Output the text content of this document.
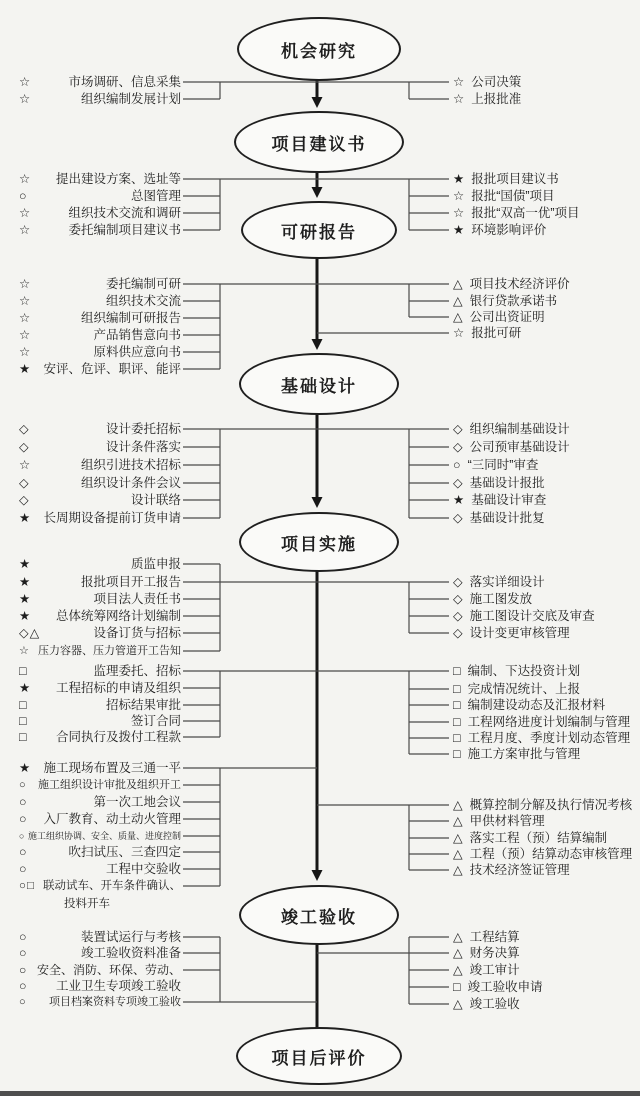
机会研究
项目建议书
可研报告
基础设计
项目实施
竣工验收
项目后评价
☆	市场调研、信息采集
☆	组织编制发展计划
☆ 公司决策
☆ 上报批准
☆ 提出建设方案、选址等
○	总图管理
☆	组织技术交流和调研
☆	委托编制项目建议书
★ 报批项目建议书
☆ 报批“国债”项目
☆ 报批“双高一优”项目
★ 环境影响评价
☆	委托编制可研
☆	组织技术交流
☆	组织编制可研报告
☆	产品销售意向书
☆	原料供应意向书
★ 安评、危评、职评、能评
△ 项目技术经济评价
△ 银行贷款承诺书
△ 公司出资证明
☆ 报批可研
◇	设计委托招标
◇	设计条件落实
☆	组织引进技术招标
◇	组织设计条件会议
◇	设计联络
★ 长周期设备提前订货申请
◇ 组织编制基础设计
◇ 公司预审基础设计
○ “三同时”审查
◇ 基础设计报批
★ 基础设计审查
◇ 基础设计批复
★	质监申报
★	报批项目开工报告
★	项目法人责任书
★ 总体统筹网络计划编制
◇△	设备订货与招标
☆ 压力容器、压力管道开工告知
◇ 落实详细设计
◇ 施工图发放
◇ 施工图设计交底及审查
◇ 设计变更审核管理
□	监理委托、招标
★ 工程招标的申请及组织
□	招标结果审批
□	签订合同
□ 合同执行及拨付工程款
□ 编制、下达投资计划
□ 完成情况统计、上报
□ 编制建设动态及汇报材料
□ 工程网络进度计划编制与管理
□ 工程月度、季度计划动态管理
□ 施工方案审批与管理
★ 施工现场布置及三通一平
○ 施工组织设计审批及组织开工
○	第一次工地会议
○ 入厂教育、动土动火管理
○ 施工组织协调、安全、质量、进度控制
○	吹扫试压、三查四定
○	工程中交验收
○□ 联动试车、开车条件确认、
投料开车
△ 概算控制分解及执行情况考核
△ 甲供材料管理
△ 落实工程（预）结算编制
△ 工程（预）结算动态审核管理
△ 技术经济签证管理
○	装置试运行与考核
○	竣工验收资料准备
○ 安全、消防、环保、劳动、
○ 工业卫生专项竣工验收
○ 项目档案资料专项竣工验收
△ 工程结算
△ 财务决算
△ 竣工审计
□ 竣工验收申请
△ 竣工验收
